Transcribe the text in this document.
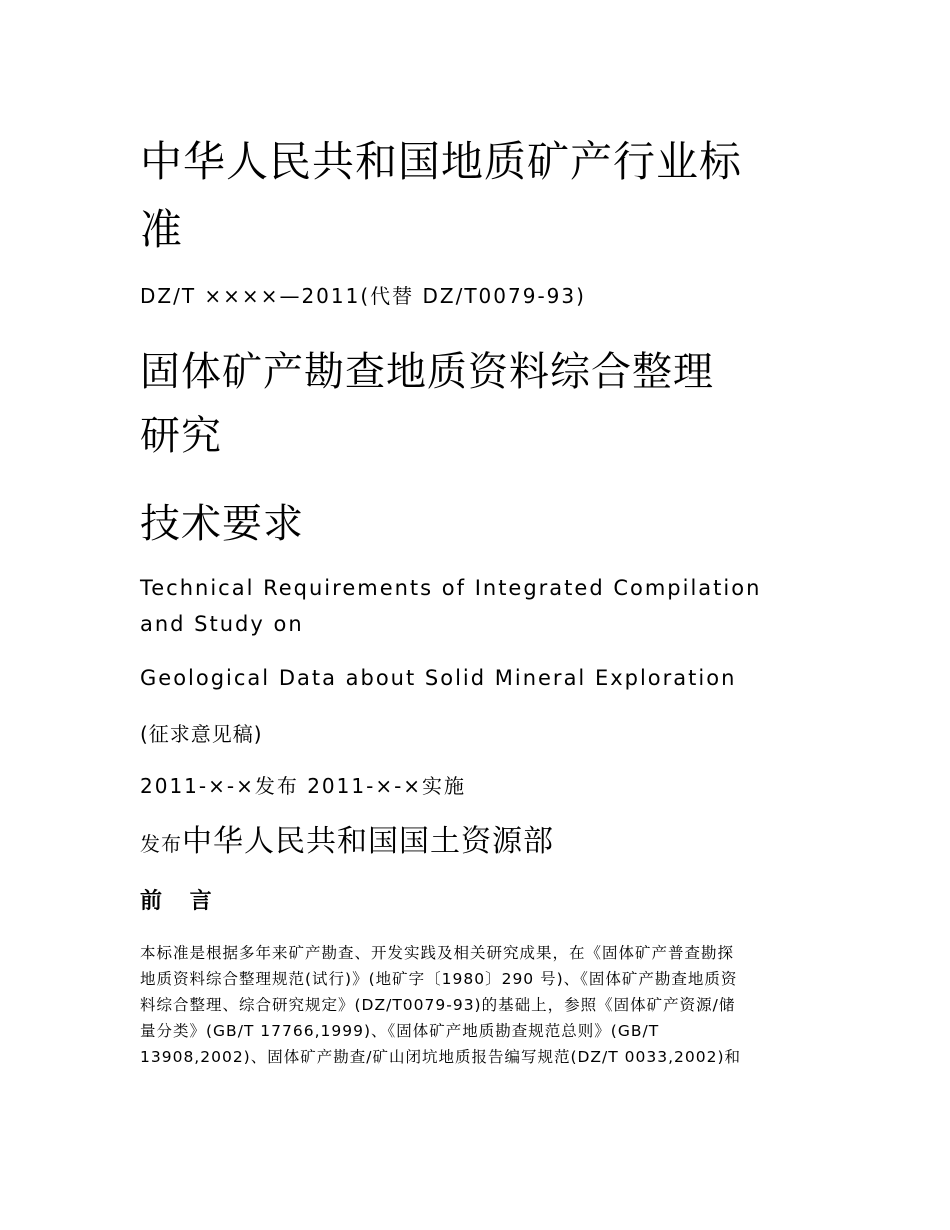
中华人民共和国地质矿产行业标
准

DZ/T ××××—2011(代替 DZ/T0079-93)

固体矿产勘查地质资料综合整理
研究
技术要求

Technical Requirements of Integrated Compilation
and Study on

Geological Data about Solid Mineral Exploration

(征求意见稿)

2011-×-×发布 2011-×-×实施

发布中华人民共和国国土资源部

前 言
本标准是根据多年来矿产勘查、开发实践及相关研究成果，在《固体矿产普查勘探
地质资料综合整理规范(试行)》(地矿字〔1980〕290 号)、《固体矿产勘查地质资
料综合整理、综合研究规定》(DZ/T0079-93)的基础上，参照《固体矿产资源/储
量分类》(GB/T 17766,1999)、《固体矿产地质勘查规范总则》(GB/T
13908,2002)、固体矿产勘查/矿山闭坑地质报告编写规范(DZ/T 0033,2002)和
